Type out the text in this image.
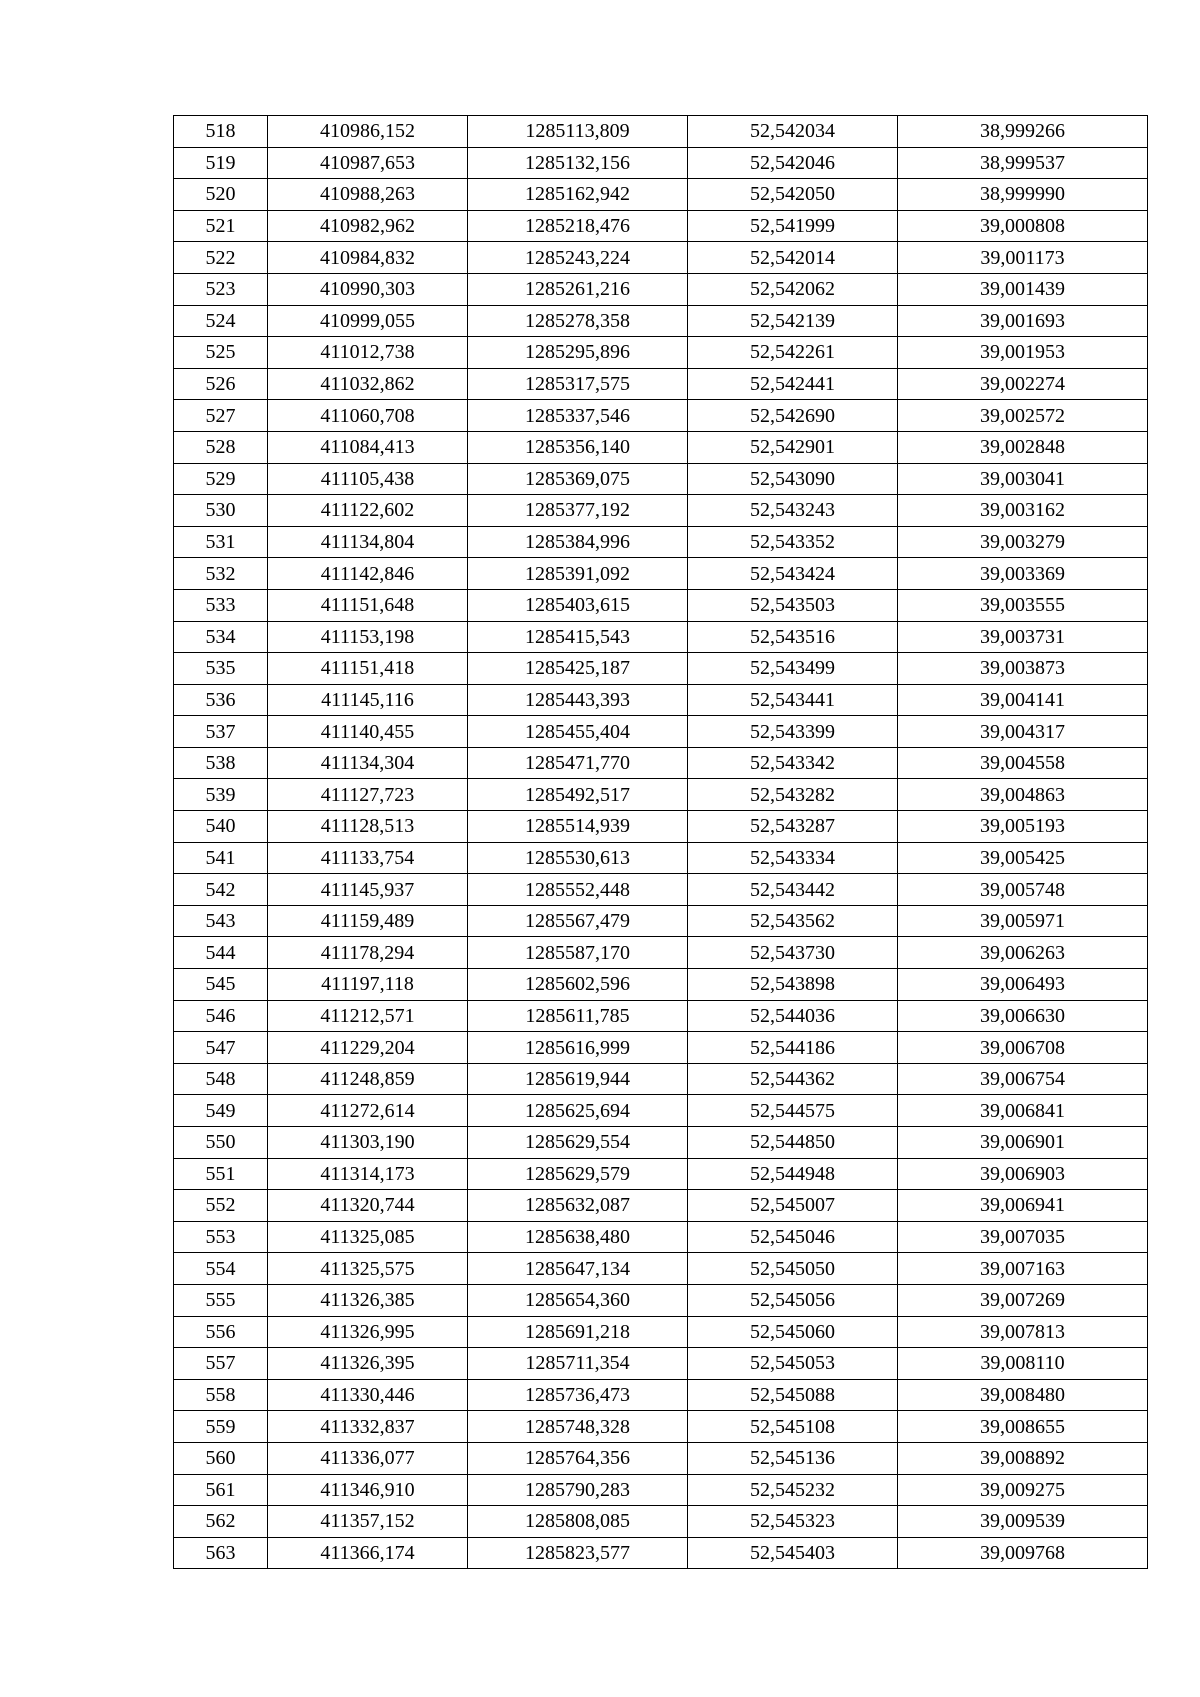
518	410986,152	1285113,809	52,542034	38,999266
519	410987,653	1285132,156	52,542046	38,999537
520	410988,263	1285162,942	52,542050	38,999990
521	410982,962	1285218,476	52,541999	39,000808
522	410984,832	1285243,224	52,542014	39,001173
523	410990,303	1285261,216	52,542062	39,001439
524	410999,055	1285278,358	52,542139	39,001693
525	411012,738	1285295,896	52,542261	39,001953
526	411032,862	1285317,575	52,542441	39,002274
527	411060,708	1285337,546	52,542690	39,002572
528	411084,413	1285356,140	52,542901	39,002848
529	411105,438	1285369,075	52,543090	39,003041
530	411122,602	1285377,192	52,543243	39,003162
531	411134,804	1285384,996	52,543352	39,003279
532	411142,846	1285391,092	52,543424	39,003369
533	411151,648	1285403,615	52,543503	39,003555
534	411153,198	1285415,543	52,543516	39,003731
535	411151,418	1285425,187	52,543499	39,003873
536	411145,116	1285443,393	52,543441	39,004141
537	411140,455	1285455,404	52,543399	39,004317
538	411134,304	1285471,770	52,543342	39,004558
539	411127,723	1285492,517	52,543282	39,004863
540	411128,513	1285514,939	52,543287	39,005193
541	411133,754	1285530,613	52,543334	39,005425
542	411145,937	1285552,448	52,543442	39,005748
543	411159,489	1285567,479	52,543562	39,005971
544	411178,294	1285587,170	52,543730	39,006263
545	411197,118	1285602,596	52,543898	39,006493
546	411212,571	1285611,785	52,544036	39,006630
547	411229,204	1285616,999	52,544186	39,006708
548	411248,859	1285619,944	52,544362	39,006754
549	411272,614	1285625,694	52,544575	39,006841
550	411303,190	1285629,554	52,544850	39,006901
551	411314,173	1285629,579	52,544948	39,006903
552	411320,744	1285632,087	52,545007	39,006941
553	411325,085	1285638,480	52,545046	39,007035
554	411325,575	1285647,134	52,545050	39,007163
555	411326,385	1285654,360	52,545056	39,007269
556	411326,995	1285691,218	52,545060	39,007813
557	411326,395	1285711,354	52,545053	39,008110
558	411330,446	1285736,473	52,545088	39,008480
559	411332,837	1285748,328	52,545108	39,008655
560	411336,077	1285764,356	52,545136	39,008892
561	411346,910	1285790,283	52,545232	39,009275
562	411357,152	1285808,085	52,545323	39,009539
563	411366,174	1285823,577	52,545403	39,009768
